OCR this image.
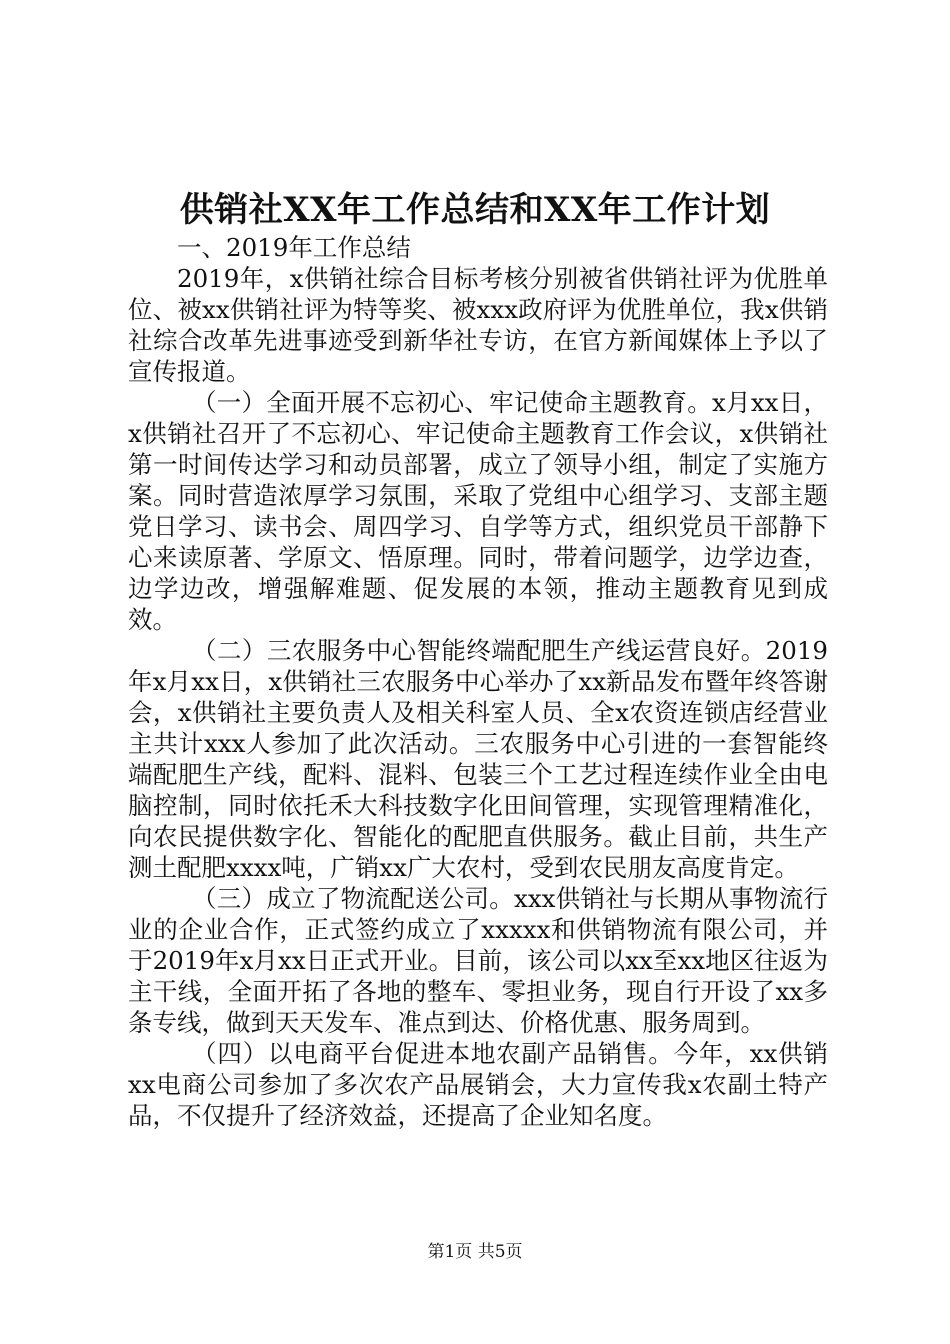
供销社XX年工作总结和XX年工作计划

一、2019年工作总结

2019年，x供销社综合目标考核分别被省供销社评为优胜单位、被xx供销社评为特等奖、被xxx政府评为优胜单位，我x供销社综合改革先进事迹受到新华社专访，在官方新闻媒体上予以了宣传报道。

（一）全面开展不忘初心、牢记使命主题教育。x月xx日，x供销社召开了不忘初心、牢记使命主题教育工作会议，x供销社第一时间传达学习和动员部署，成立了领导小组，制定了实施方案。同时营造浓厚学习氛围，采取了党组中心组学习、支部主题党日学习、读书会、周四学习、自学等方式，组织党员干部静下心来读原著、学原文、悟原理。同时，带着问题学，边学边查，边学边改，增强解难题、促发展的本领，推动主题教育见到成效。

（二）三农服务中心智能终端配肥生产线运营良好。2019年x月xx日，x供销社三农服务中心举办了xx新品发布暨年终答谢会，x供销社主要负责人及相关科室人员、全x农资连锁店经营业主共计xxx人参加了此次活动。三农服务中心引进的一套智能终端配肥生产线，配料、混料、包装三个工艺过程连续作业全由电脑控制，同时依托禾大科技数字化田间管理，实现管理精准化，向农民提供数字化、智能化的配肥直供服务。截止目前，共生产测土配肥xxxx吨，广销xx广大农村，受到农民朋友高度肯定。

（三）成立了物流配送公司。xxx供销社与长期从事物流行业的企业合作，正式签约成立了xxxxx和供销物流有限公司，并于2019年x月xx日正式开业。目前，该公司以xx至xx地区往返为主干线，全面开拓了各地的整车、零担业务，现自行开设了xx多条专线，做到天天发车、准点到达、价格优惠、服务周到。

（四）以电商平台促进本地农副产品销售。今年，xx供销xx电商公司参加了多次农产品展销会，大力宣传我x农副土特产品，不仅提升了经济效益，还提高了企业知名度。

第1页 共5页
